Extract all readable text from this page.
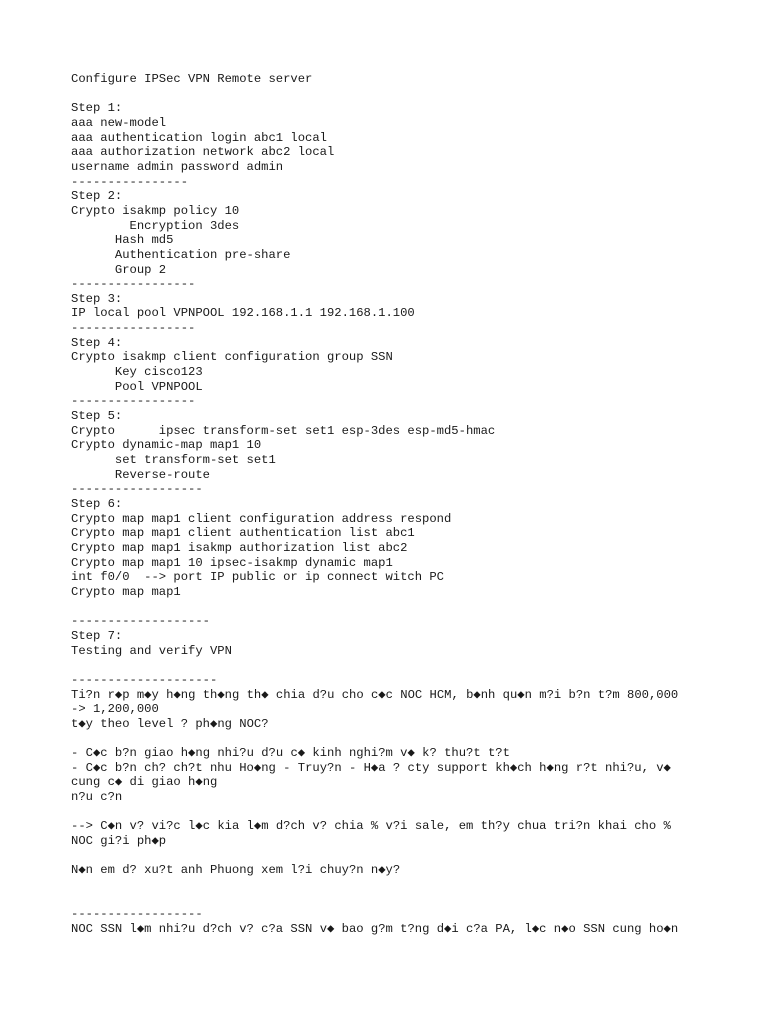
Configure IPSec VPN Remote server
Step 1:
aaa new-model
aaa authentication login abc1 local
aaa authorization network abc2 local
username admin password admin
----------------
Step 2:
Crypto isakmp policy 10
Encryption 3des
Hash md5
Authentication pre-share
Group 2
-----------------
Step 3:
IP local pool VPNPOOL 192.168.1.1 192.168.1.100
-----------------
Step 4:
Crypto isakmp client configuration group SSN
Key cisco123
Pool VPNPOOL
-----------------
Step 5:
Crypto      ipsec transform-set set1 esp-3des esp-md5-hmac
Crypto dynamic-map map1 10
set transform-set set1
Reverse-route
------------------
Step 6:
Crypto map map1 client configuration address respond
Crypto map map1 client authentication list abc1
Crypto map map1 isakmp authorization list abc2
Crypto map map1 10 ipsec-isakmp dynamic map1
int f0/0  --> port IP public or ip connect witch PC
Crypto map map1
-------------------
Step 7:
Testing and verify VPN
--------------------
Ti?n r◆p m◆y h◆ng th◆ng th◆ chia d?u cho c◆c NOC HCM, b◆nh qu◆n m?i b?n t?m 800,000
-> 1,200,000
t◆y theo level ? ph◆ng NOC?
- C◆c b?n giao h◆ng nhi?u d?u c◆ kinh nghi?m v◆ k? thu?t t?t
- C◆c b?n ch? ch?t nhu Ho◆ng - Truy?n - H◆a ? cty support kh◆ch h◆ng r?t nhi?u, v◆
cung c◆ di giao h◆ng
n?u c?n
--> C◆n v? vi?c l◆c kia l◆m d?ch v? chia % v?i sale, em th?y chua tri?n khai cho %
NOC gi?i ph◆p
N◆n em d? xu?t anh Phuong xem l?i chuy?n n◆y?
------------------
NOC SSN l◆m nhi?u d?ch v? c?a SSN v◆ bao g?m t?ng d◆i c?a PA, l◆c n◆o SSN cung ho◆n
